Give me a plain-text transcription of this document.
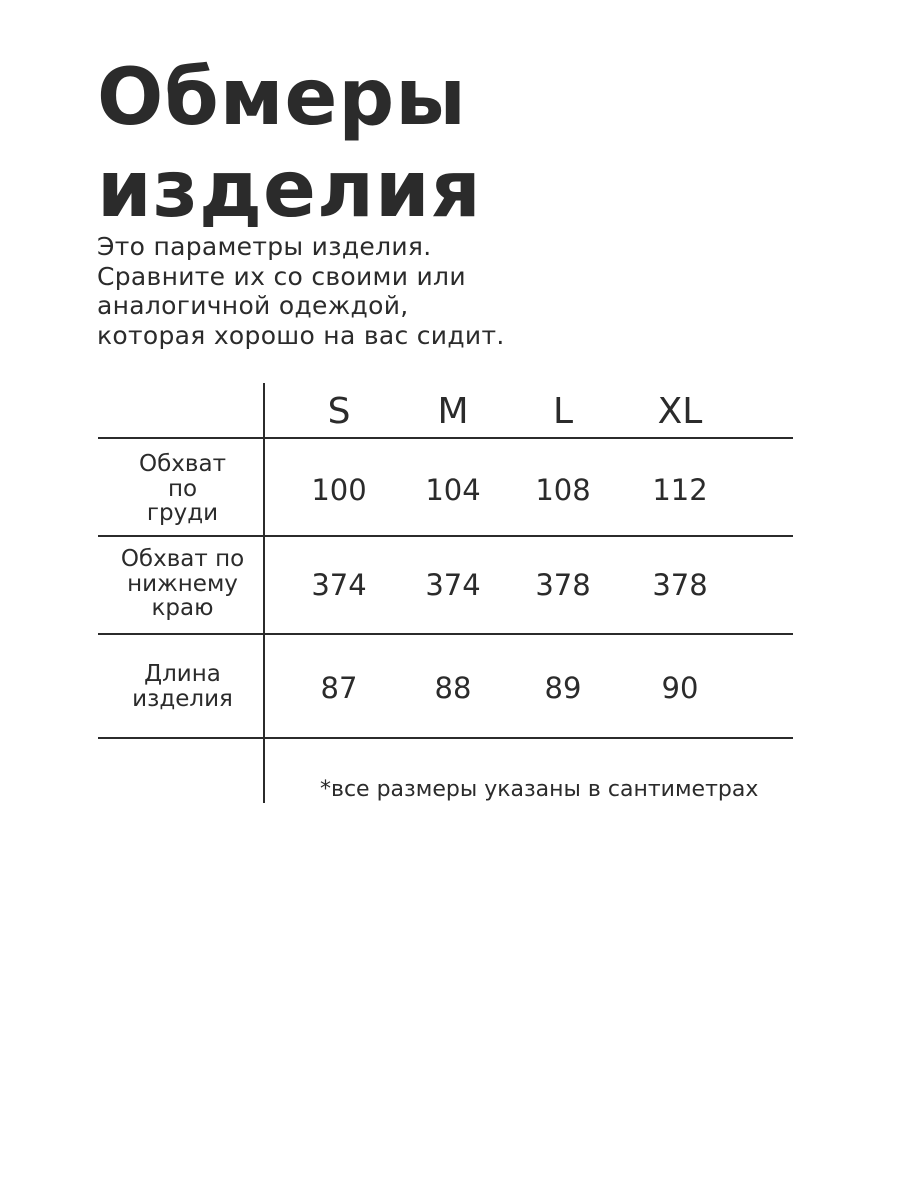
Обмеры
изделия

Это параметры изделия.
Сравните их со своими или
аналогичной одеждой,
которая хорошо на вас сидит.

S M L XL
Обхват
по
груди
100 104 108 112
Обхват по
нижнему
краю
374 374 378 378
Длина
изделия	87	88	89	90
*все размеры указаны в сантиметрах
